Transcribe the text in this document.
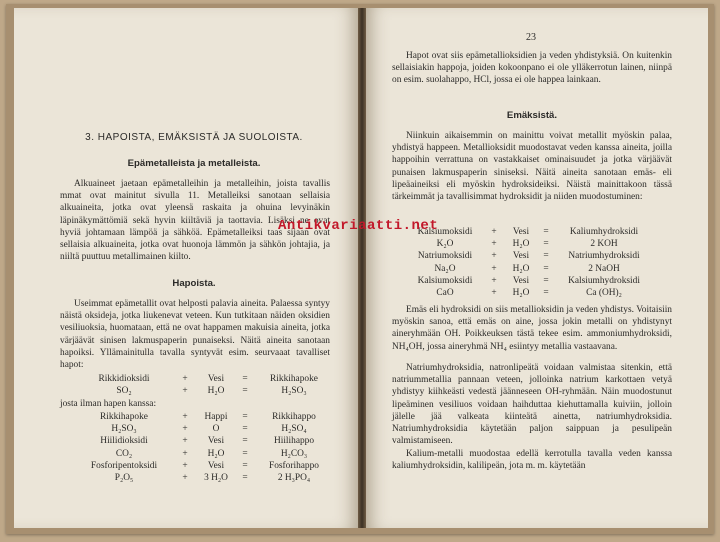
3. HAPOISTA, EMÄKSISTÄ JA SUOLOISTA.
Epämetalleista ja metalleista.
Alkuaineet jaetaan epämetalleihin ja metalleihin, joista tavallis mmat ovat mainitut sivulla 11. Metalleiksi sanotaan sellaisia alkuaineita, jotka ovat yleensä raskaita ja ohuina levyinäkin läpinäkymättömiä sekä hyvin kiiltäviä ja taottavia. Lisäksi ne ovat hyviä johtamaan lämpöä ja sähköä. Epämetalleiksi taas sijaan ovat sellaisia alkuaineita, jotka ovat huonoja lämmön ja sähkön johtajia, ja niiltä puuttuu metallimainen kiilto.
Hapoista.
Useimmat epämetallit ovat helposti palavia aineita. Palaessa syntyy näistä oksideja, jotka liukenevat veteen. Kun tutkitaan näiden oksidien vesiliuoksia, huomataan, että ne ovat happamen makuisia aineita, jotka värjäävät sinisen lakmuspaperin punaiseksi. Näitä aineita sanotaan hapoiksi. Yllämainitulla tavalla syntyvät esim. seurvaaat tavalliset hapot:
Rikkidioksidi	+	Vesi	=	Rikkihapoke
SO₂	+	H₂O	=	H₂SO₃
josta ilman hapen kanssa:
Rikkihapoke	+	Happi	=	Rikkihappo
H₂SO₃	+	O	=	H₂SO₄
Hiilidioksidi	+	Vesi	=	Hiilihappo
CO₂	+	H₂O	=	H₂CO₃
Fosforipentoksidi	+	Vesi	=	Fosforihappo
P₂O₅	+	3 H₂O	=	2 H₃PO₄
23
Hapot ovat siis epämetallioksidien ja veden yhdistyksiä. On kuitenkin sellaisiakin happoja, joiden kokoonpano ei ole ylläkerrotun lainen, niinpä on esim. suolahappo, HCl, jossa ei ole happea lainkaan.
Emäksistä.
Niinkuin aikaisemmin on mainittu voivat metallit myöskin palaa, yhdistyä happeen. Metallioksidit muodostavat veden kanssa aineita, joilla happoihin verrattuna on vastakkaiset ominaisuudet ja jotka värjäävät punaisen lakmuspaperin siniseksi. Näitä aineita sanotaan emäs- eli lipeäaineiksi eli myöskin hydroksideiksi. Näistä mainittakoon tässä tärkeimmät ja tavallisimmat hydroksidit ja niiden muodostuminen:
Kalsiumoksidi	+	Vesi	=	Kaliumhydroksidi
K₂O	+	H₂O	=	2 KOH
Natriumoksidi	+	Vesi	=	Natriumhydroksidi
Na₂O	+	H₂O	=	2 NaOH
Kalsiumoksidi	+	Vesi	=	Kalsiumhydroksidi
CaO	+	H₂O	=	Ca (OH)₂
Emäs eli hydroksidi on siis metallioksidin ja veden yhdistys. Voitaisiin myöskin sanoa, että emäs on aine, jossa jokin metalli on yhdistynyt aineryhmään OH. Poikkeuksen tästä tekee esim. ammoniumhydroksidi, NH₄OH, jossa aineryhmä NH₄ esiintyy metallia vastaavana.
Natriumhydroksidia, natronlipeätä voidaan valmistaa sitenkin, että natriummetallia pannaan veteen, jolloinka natrium karkottaen vetyä yhdistyy kiihkeästi vedestä jäänneseen OH-ryhmään. Näin muodostunut lipeäminen vesiliuos voidaan haihduttaa kiehuttamalla kuiviin, jolloin jälelle jää valkeata kiinteätä ainetta, natriumhydroksidia. Natriumhydroksidia käytetään paljon saippuan ja pesulipeän valmistamiseen.
Kalium-metalli muodostaa edellä kerrotulla tavalla veden kanssa kaliumhydroksidin, kalilipeän, jota m. m. käytetään
Antikvariaatti.net
